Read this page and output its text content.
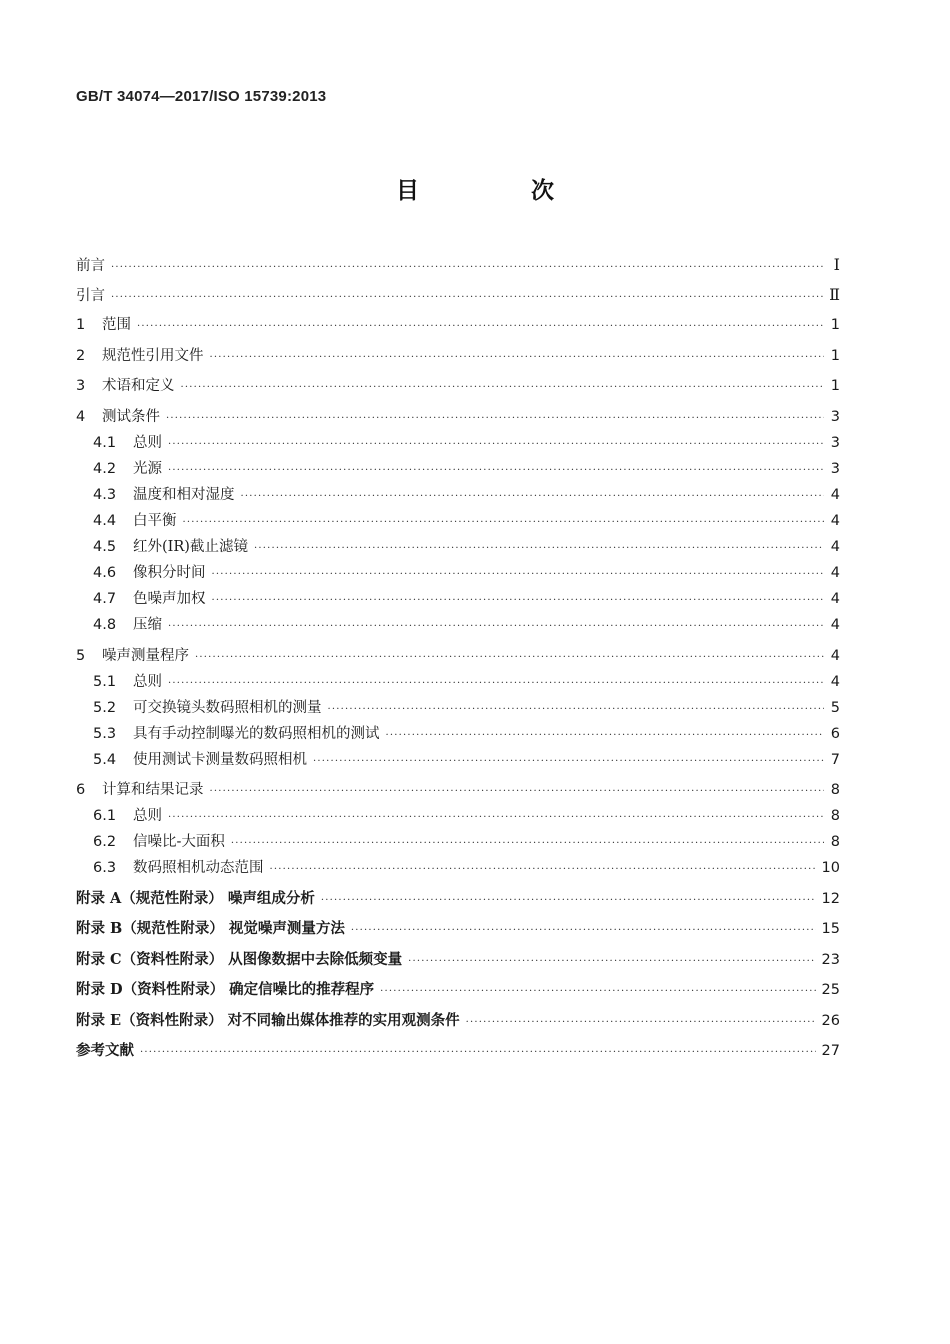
GB/T 34074—2017/ISO 15739:2013
目 次
前言 ·····	Ⅰ
引言 ·····	Ⅱ
1	范围 ·····	1
2	规范性引用文件 ·····	1
3	术语和定义 ·····	1
4	测试条件 ·····	3
4.1	总则 ·····	3
4.2	光源 ·····	3
4.3	温度和相对湿度 ·····	4
4.4	白平衡 ·····	4
4.5	红外(IR)截止滤镜 ·····	4
4.6	像积分时间 ·····	4
4.7	色噪声加权 ·····	4
4.8	压缩 ·····	4
5	噪声测量程序 ·····	4
5.1	总则 ·····	4
5.2	可交换镜头数码照相机的测量 ·····	5
5.3	具有手动控制曝光的数码照相机的测试 ·····	6
5.4	使用测试卡测量数码照相机 ·····	7
6	计算和结果记录 ·····	8
6.1	总则 ·····	8
6.2	信噪比-大面积 ·····	8
6.3	数码照相机动态范围 ·····	10
附录 A（规范性附录） 噪声组成分析 ·····	12
附录 B（规范性附录） 视觉噪声测量方法 ·····	15
附录 C（资料性附录） 从图像数据中去除低频变量 ·····	23
附录 D（资料性附录） 确定信噪比的推荐程序 ·····	25
附录 E（资料性附录） 对不同输出媒体推荐的实用观测条件 ·····	26
参考文献 ·····	27
